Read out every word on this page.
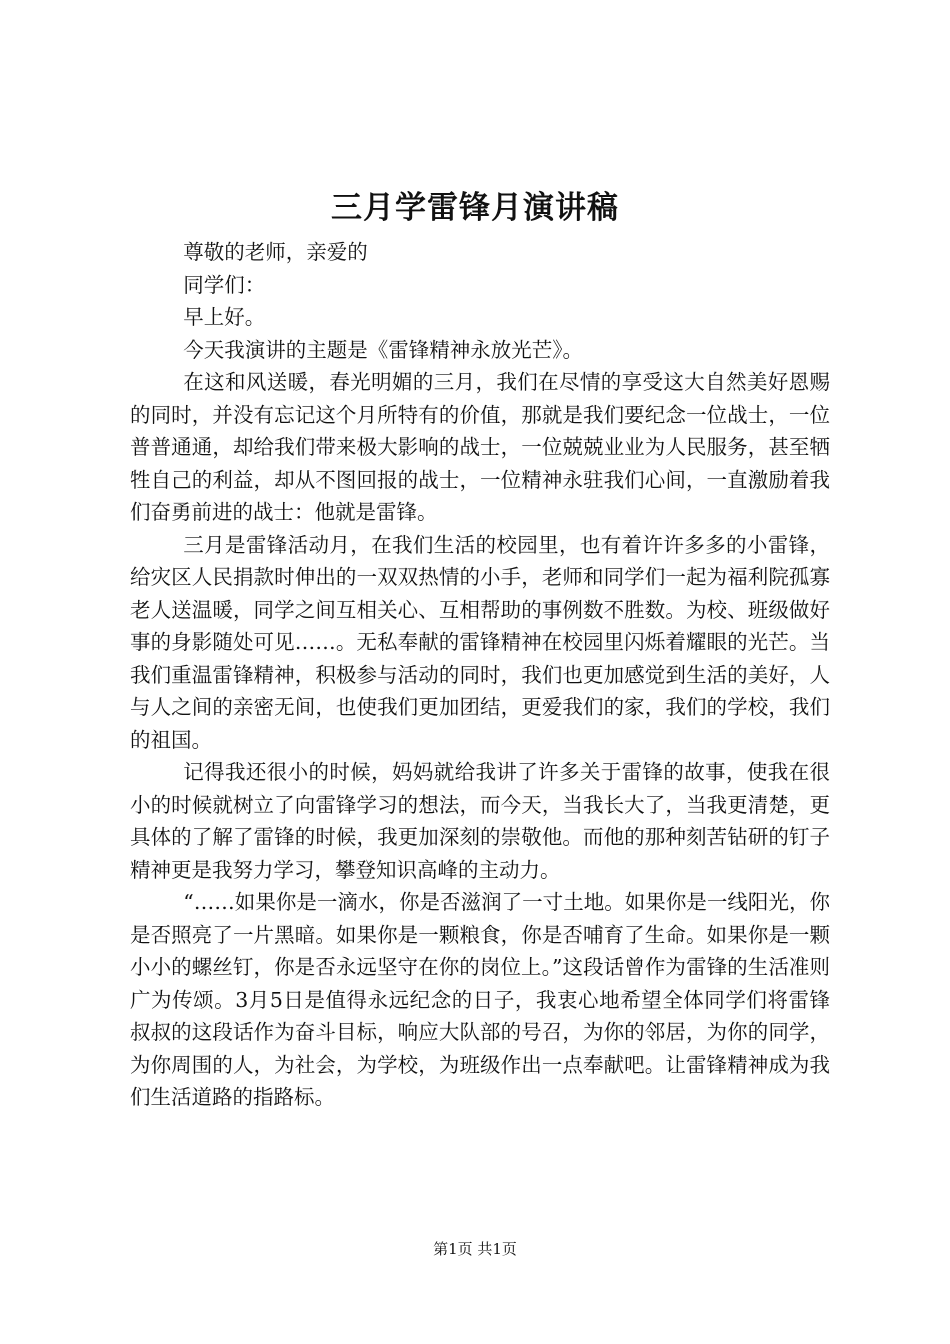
三月学雷锋月演讲稿

尊敬的老师，亲爱的

同学们：

早上好。

今天我演讲的主题是《雷锋精神永放光芒》。

在这和风送暖，春光明媚的三月，我们在尽情的享受这大自然美好恩赐的同时，并没有忘记这个月所特有的价值，那就是我们要纪念一位战士，一位普普通通，却给我们带来极大影响的战士，一位兢兢业业为人民服务，甚至牺牲自己的利益，却从不图回报的战士，一位精神永驻我们心间，一直激励着我们奋勇前进的战士：他就是雷锋。

三月是雷锋活动月，在我们生活的校园里，也有着许许多多的小雷锋，给灾区人民捐款时伸出的一双双热情的小手，老师和同学们一起为福利院孤寡老人送温暖，同学之间互相关心、互相帮助的事例数不胜数。为校、班级做好事的身影随处可见……。无私奉献的雷锋精神在校园里闪烁着耀眼的光芒。当我们重温雷锋精神，积极参与活动的同时，我们也更加感觉到生活的美好，人与人之间的亲密无间，也使我们更加团结，更爱我们的家，我们的学校，我们的祖国。

记得我还很小的时候，妈妈就给我讲了许多关于雷锋的故事，使我在很小的时候就树立了向雷锋学习的想法，而今天，当我长大了，当我更清楚，更具体的了解了雷锋的时候，我更加深刻的崇敬他。而他的那种刻苦钻研的钉子精神更是我努力学习，攀登知识高峰的主动力。

“……如果你是一滴水，你是否滋润了一寸土地。如果你是一线阳光，你是否照亮了一片黑暗。如果你是一颗粮食，你是否哺育了生命。如果你是一颗小小的螺丝钉，你是否永远坚守在你的岗位上。”这段话曾作为雷锋的生活准则广为传颂。3月5日是值得永远纪念的日子，我衷心地希望全体同学们将雷锋叔叔的这段话作为奋斗目标，响应大队部的号召，为你的邻居，为你的同学，为你周围的人，为社会，为学校，为班级作出一点奉献吧。让雷锋精神成为我们生活道路的指路标。

第1页 共1页
